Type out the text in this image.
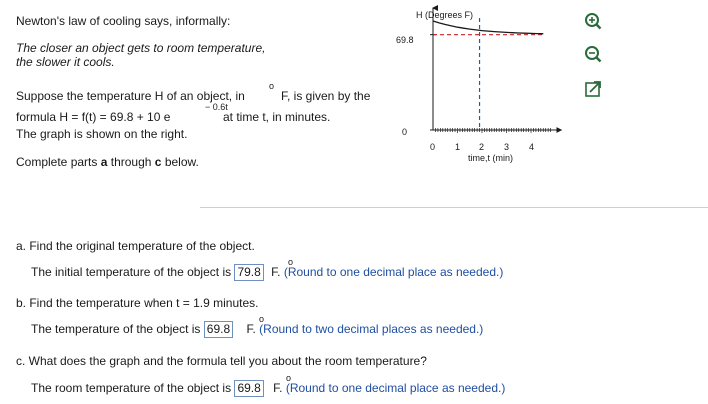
Newton's law of cooling says, informally:
The closer an object gets to room temperature,
the slower it cools.
Suppose the temperature H of an object, in
o
F, is given by the
formula H = f(t) = 69.8 + 10 e
− 0.6t
at time t, in minutes.
The graph is shown on the right.
Complete parts a through c below.
H (Degrees F)
69.8
0
0 1 2 3 4
time,t (min)
a. Find the original temperature of the object.
The initial temperature of the object is 79.8 F. (Round to one decimal place as needed.)
o
b. Find the temperature when t = 1.9 minutes.
The temperature of the object is 69.8 F. (Round to two decimal places as needed.)
o
c. What does the graph and the formula tell you about the room temperature?
The room temperature of the object is 69.8 F. (Round to one decimal place as needed.)
o
